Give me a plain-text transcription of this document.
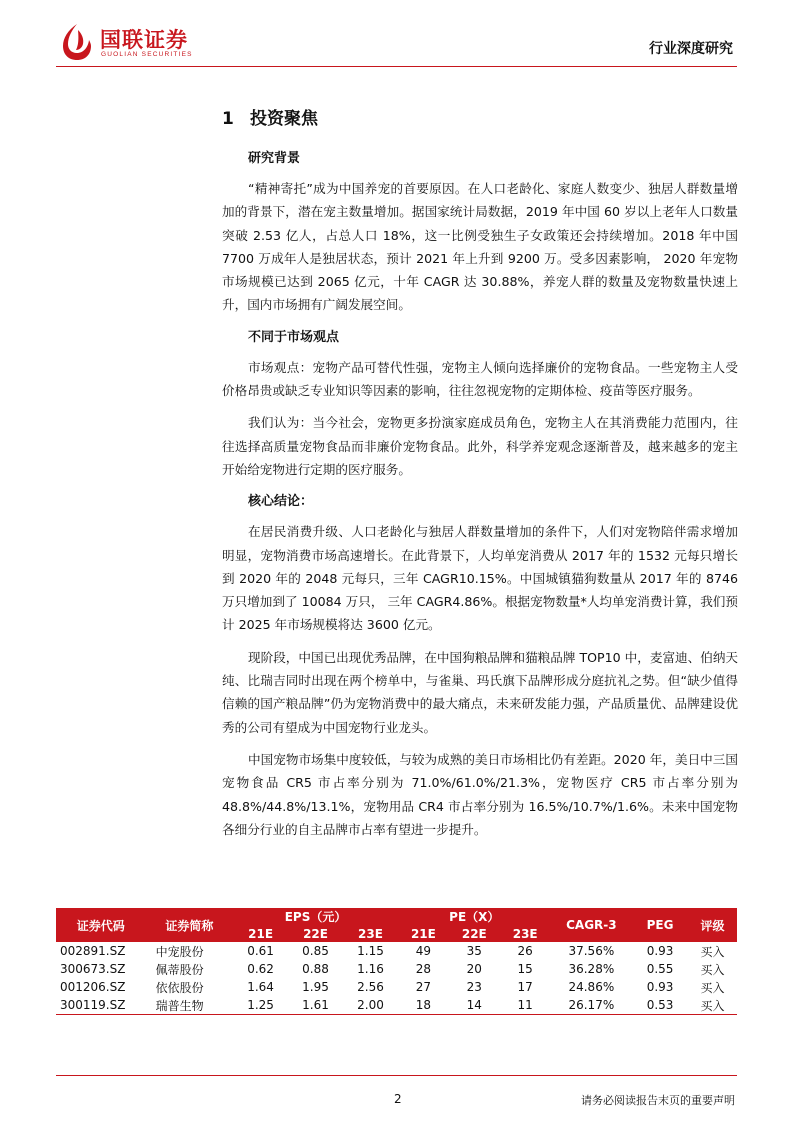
国联证券
GUOLIAN SECURITIES	行业深度研究
1 投资聚焦
研究背景

“精神寄托”成为中国养宠的首要原因。在人口老龄化、家庭人数变少、独居人群数量增加的背景下，潜在宠主数量增加。据国家统计局数据，2019 年中国 60 岁以上老年人口数量突破 2.53 亿人，占总人口 18%，这一比例受独生子女政策还会持续增加。2018 年中国 7700 万成年人是独居状态，预计 2021 年上升到 9200 万。受多因素影响， 2020 年宠物市场规模已达到 2065 亿元，十年 CAGR 达 30.88%，养宠人群的数量及宠物数量快速上升，国内市场拥有广阔发展空间。

不同于市场观点

市场观点：宠物产品可替代性强，宠物主人倾向选择廉价的宠物食品。一些宠物主人受价格昂贵或缺乏专业知识等因素的影响，往往忽视宠物的定期体检、疫苗等医疗服务。

我们认为：当今社会，宠物更多扮演家庭成员角色，宠物主人在其消费能力范围内，往往选择高质量宠物食品而非廉价宠物食品。此外，科学养宠观念逐渐普及，越来越多的宠主开始给宠物进行定期的医疗服务。

核心结论：

在居民消费升级、人口老龄化与独居人群数量增加的条件下，人们对宠物陪伴需求增加明显，宠物消费市场高速增长。在此背景下，人均单宠消费从 2017 年的 1532 元每只增长到 2020 年的 2048 元每只，三年 CAGR10.15%。中国城镇猫狗数量从 2017 年的 8746 万只增加到了 10084 万只， 三年 CAGR4.86%。根据宠物数量*人均单宠消费计算，我们预计 2025 年市场规模将达 3600 亿元。

现阶段，中国已出现优秀品牌，在中国狗粮品牌和猫粮品牌 TOP10 中，麦富迪、伯纳天纯、比瑞吉同时出现在两个榜单中，与雀巢、玛氏旗下品牌形成分庭抗礼之势。但“缺少值得信赖的国产粮品牌”仍为宠物消费中的最大痛点，未来研发能力强，产品质量优、品牌建设优秀的公司有望成为中国宠物行业龙头。

中国宠物市场集中度较低，与较为成熟的美日市场相比仍有差距。2020 年，美日中三国宠物食品 CR5 市占率分别为 71.0%/61.0%/21.3%，宠物医疗 CR5 市占率分别为 48.8%/44.8%/13.1%，宠物用品 CR4 市占率分别为 16.5%/10.7%/1.6%。未来中国宠物各细分行业的自主品牌市占率有望进一步提升。

证券代码	证券简称	EPS（元）			PE（X）			CAGR-3	PEG	评级
		21E	22E	23E	21E	22E	23E			
002891.SZ	中宠股份	0.61	0.85	1.15	49	35	26	37.56%	0.93	买入
300673.SZ	佩蒂股份	0.62	0.88	1.16	28	20	15	36.28%	0.55	买入
001206.SZ	依依股份	1.64	1.95	2.56	27	23	17	24.86%	0.93	买入
300119.SZ	瑞普生物	1.25	1.61	2.00	18	14	11	26.17%	0.53	买入
2	请务必阅读报告末页的重要声明
